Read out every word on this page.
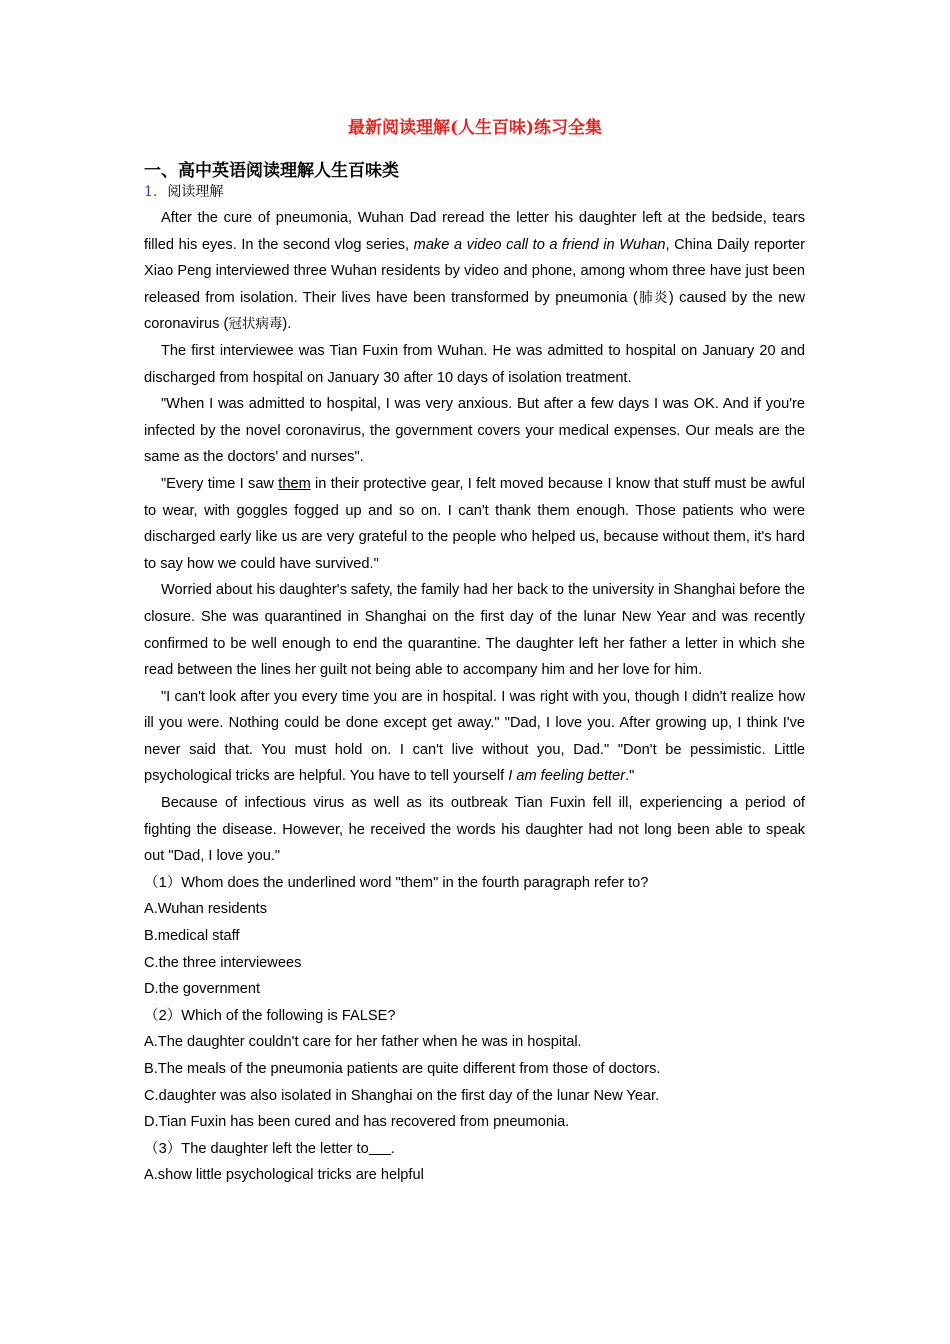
最新阅读理解(人生百味)练习全集
一、高中英语阅读理解人生百味类
1. 阅读理解

After the cure of pneumonia, Wuhan Dad reread the letter his daughter left at the bedside, tears filled his eyes. In the second vlog series, make a video call to a friend in Wuhan, China Daily reporter Xiao Peng interviewed three Wuhan residents by video and phone, among whom three have just been released from isolation. Their lives have been transformed by pneumonia (肺炎) caused by the new coronavirus (冠状病毒).

The first interviewee was Tian Fuxin from Wuhan. He was admitted to hospital on January 20 and discharged from hospital on January 30 after 10 days of isolation treatment.

"When I was admitted to hospital, I was very anxious. But after a few days I was OK. And if you're infected by the novel coronavirus, the government covers your medical expenses. Our meals are the same as the doctors' and nurses".

"Every time I saw them in their protective gear, I felt moved because I know that stuff must be awful to wear, with goggles fogged up and so on. I can't thank them enough. Those patients who were discharged early like us are very grateful to the people who helped us, because without them, it's hard to say how we could have survived."

Worried about his daughter's safety, the family had her back to the university in Shanghai before the closure. She was quarantined in Shanghai on the first day of the lunar New Year and was recently confirmed to be well enough to end the quarantine. The daughter left her father a letter in which she read between the lines her guilt not being able to accompany him and her love for him.

"I can't look after you every time you are in hospital. I was right with you, though I didn't realize how ill you were. Nothing could be done except get away." "Dad, I love you. After growing up, I think I've never said that. You must hold on. I can't live without you, Dad." "Don't be pessimistic. Little psychological tricks are helpful. You have to tell yourself I am feeling better."

Because of infectious virus as well as its outbreak Tian Fuxin fell ill, experiencing a period of fighting the disease. However, he received the words his daughter had not long been able to speak out "Dad, I love you."

（1）Whom does the underlined word "them" in the fourth paragraph refer to?

A.Wuhan residents

B.medical staff

C.the three interviewees

D.the government

（2）Which of the following is FALSE?

A.The daughter couldn't care for her father when he was in hospital.

B.The meals of the pneumonia patients are quite different from those of doctors.

C.daughter was also isolated in Shanghai on the first day of the lunar New Year.

D.Tian Fuxin has been cured and has recovered from pneumonia.

（3）The daughter left the letter to .

A.show little psychological tricks are helpful
